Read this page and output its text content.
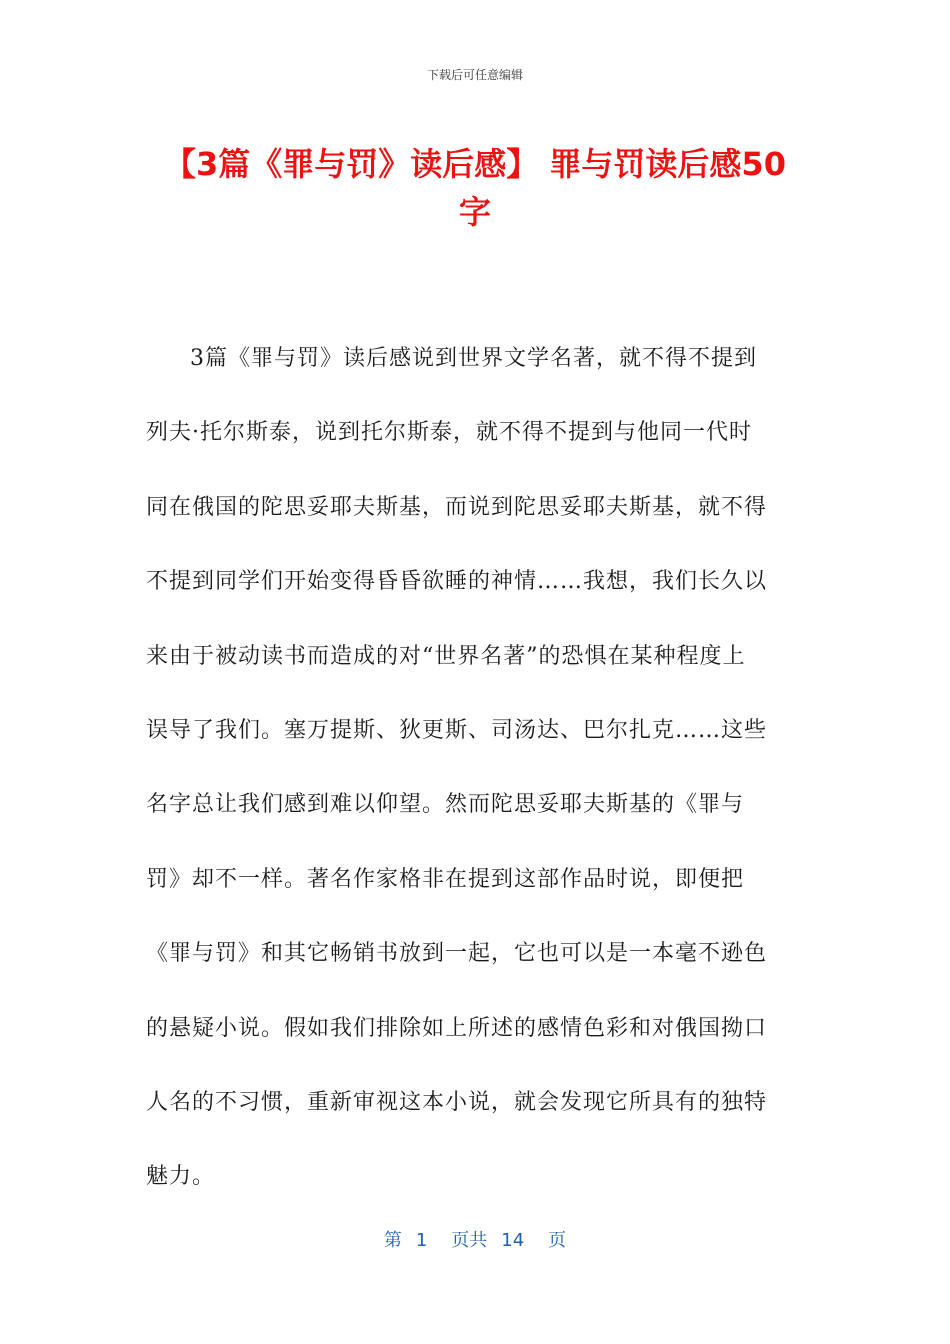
下载后可任意编辑
【3篇《罪与罚》读后感】 罪与罚读后感50
字
3篇《罪与罚》读后感说到世界文学名著，就不得不提到
列夫·托尔斯泰，说到托尔斯泰，就不得不提到与他同一代时
同在俄国的陀思妥耶夫斯基，而说到陀思妥耶夫斯基，就不得
不提到同学们开始变得昏昏欲睡的神情……我想，我们长久以
来由于被动读书而造成的对“世界名著”的恐惧在某种程度上
误导了我们。塞万提斯、狄更斯、司汤达、巴尔扎克……这些
名字总让我们感到难以仰望。然而陀思妥耶夫斯基的《罪与
罚》却不一样。著名作家格非在提到这部作品时说，即便把
《罪与罚》和其它畅销书放到一起，它也可以是一本毫不逊色
的悬疑小说。假如我们排除如上所述的感情色彩和对俄国拗口
人名的不习惯，重新审视这本小说，就会发现它所具有的独特
魅力。
第 1 页共 14 页
